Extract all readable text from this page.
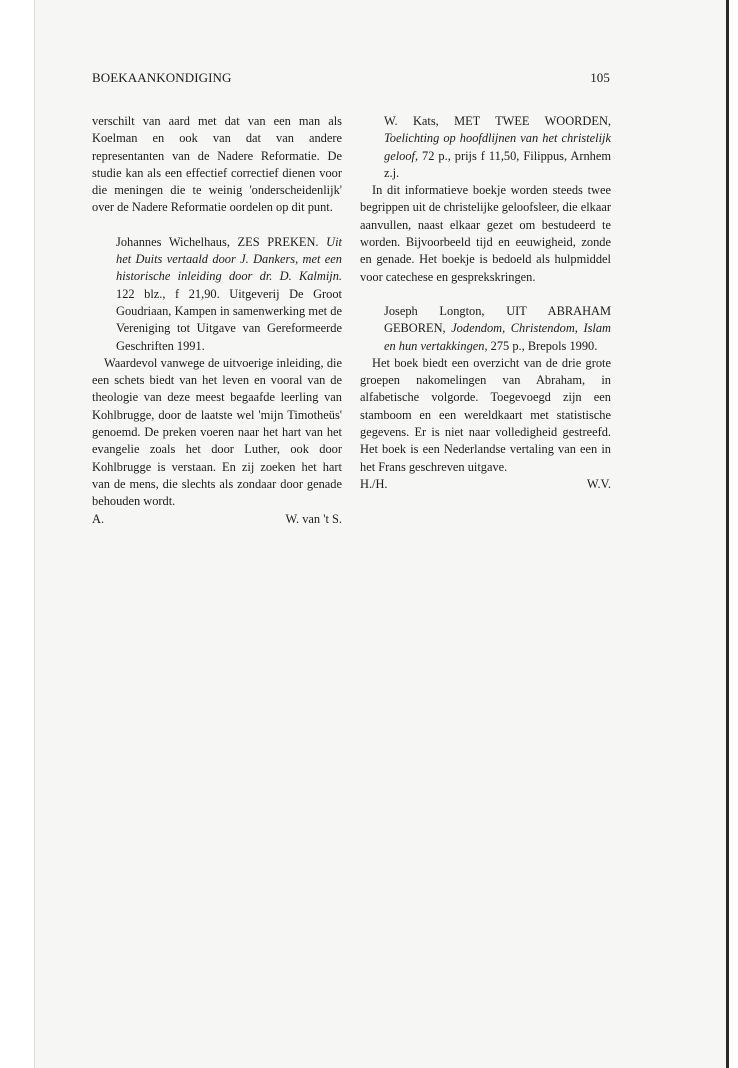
BOEKAANKONDIGING	105

verschilt van aard met dat van een man als Koelman en ook van dat van andere representanten van de Nadere Reformatie. De studie kan als een effectief correctief dienen voor die meningen die te weinig 'onderscheidenlijk' over de Nadere Reformatie oordelen op dit punt.

Johannes Wichelhaus, ZES PREKEN. Uit het Duits vertaald door J. Dankers, met een historische inleiding door dr. D. Kalmijn. 122 blz., f 21,90. Uitgeverij De Groot Goudriaan, Kampen in samenwerking met de Vereniging tot Uitgave van Gereformeerde Geschriften 1991.

Waardevol vanwege de uitvoerige inleiding, die een schets biedt van het leven en vooral van de theologie van deze meest begaafde leerling van Kohlbrugge, door de laatste wel 'mijn Timotheüs' genoemd. De preken voeren naar het hart van het evangelie zoals het door Luther, ook door Kohlbrugge is verstaan. En zij zoeken het hart van de mens, die slechts als zondaar door genade behouden wordt.

A.	W. van 't S.

W. Kats, MET TWEE WOORDEN, Toelichting op hoofdlijnen van het christelijk geloof, 72 p., prijs f 11,50, Filippus, Arnhem z.j.

In dit informatieve boekje worden steeds twee begrippen uit de christelijke geloofsleer, die elkaar aanvullen, naast elkaar gezet om bestudeerd te worden. Bijvoorbeeld tijd en eeuwigheid, zonde en genade. Het boekje is bedoeld als hulpmiddel voor catechese en gesprekskringen.

Joseph Longton, UIT ABRAHAM GEBOREN, Jodendom, Christendom, Islam en hun vertakkingen, 275 p., Brepols 1990.

Het boek biedt een overzicht van de drie grote groepen nakomelingen van Abraham, in alfabetische volgorde. Toegevoegd zijn een stamboom en een wereldkaart met statistische gegevens. Er is niet naar volledigheid gestreefd. Het boek is een Nederlandse vertaling van een in het Frans geschreven uitgave.

H./H.	W.V.
